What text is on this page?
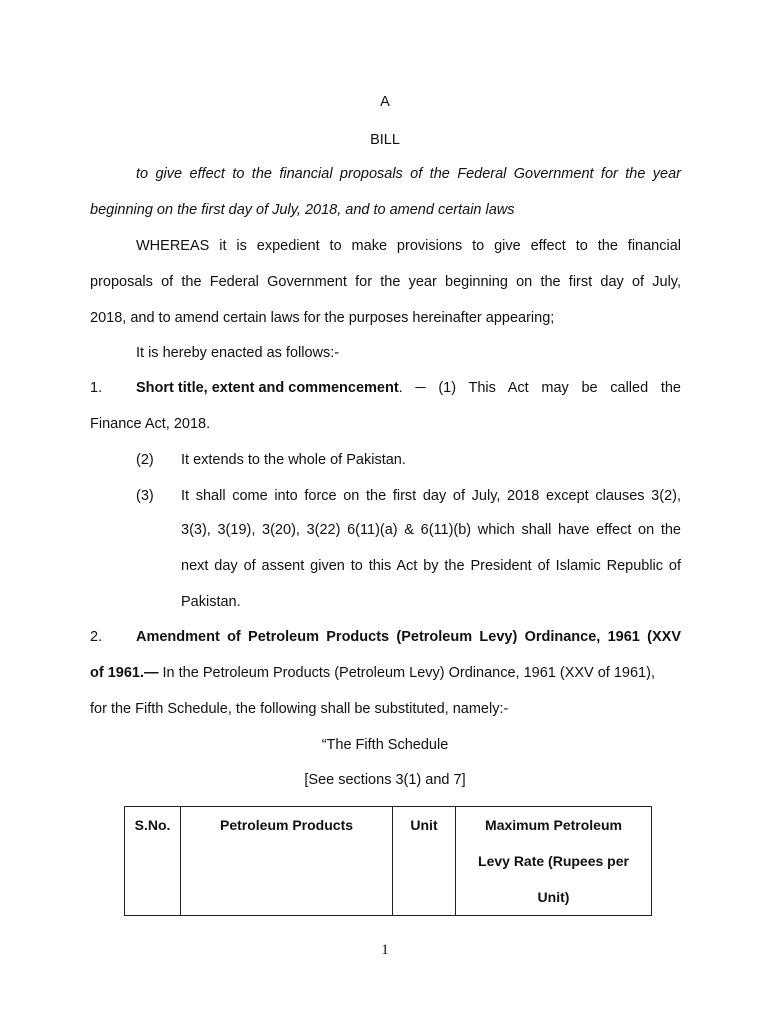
A
BILL
to give effect to the financial proposals of the Federal Government for the year
beginning on the first day of July, 2018, and to amend certain laws
WHEREAS it is expedient to make provisions to give effect to the financial
proposals of the Federal Government for the year beginning on the first day of July,
2018, and to amend certain laws for the purposes hereinafter appearing;
It is hereby enacted as follows:-
1. Short title, extent and commencement . ─ (1) This Act may be called the
Finance Act, 2018.
(2) It extends to the whole of Pakistan.
(3) It shall come into force on the first day of July, 2018 except clauses 3(2),
3(3), 3(19), 3(20), 3(22) 6(11)(a) & 6(11)(b) which shall have effect on the
next day of assent given to this Act by the President of Islamic Republic of
Pakistan.
2. Amendment of Petroleum Products (Petroleum Levy) Ordinance, 1961 (XXV
of 1961.— In the Petroleum Products (Petroleum Levy) Ordinance, 1961 (XXV of 1961),
for the Fifth Schedule, the following shall be substituted, namely:-
“The Fifth Schedule
[See sections 3(1) and 7]
S.No.	Petroleum Products	Unit	Maximum Petroleum
Levy Rate (Rupees per
Unit)
1
